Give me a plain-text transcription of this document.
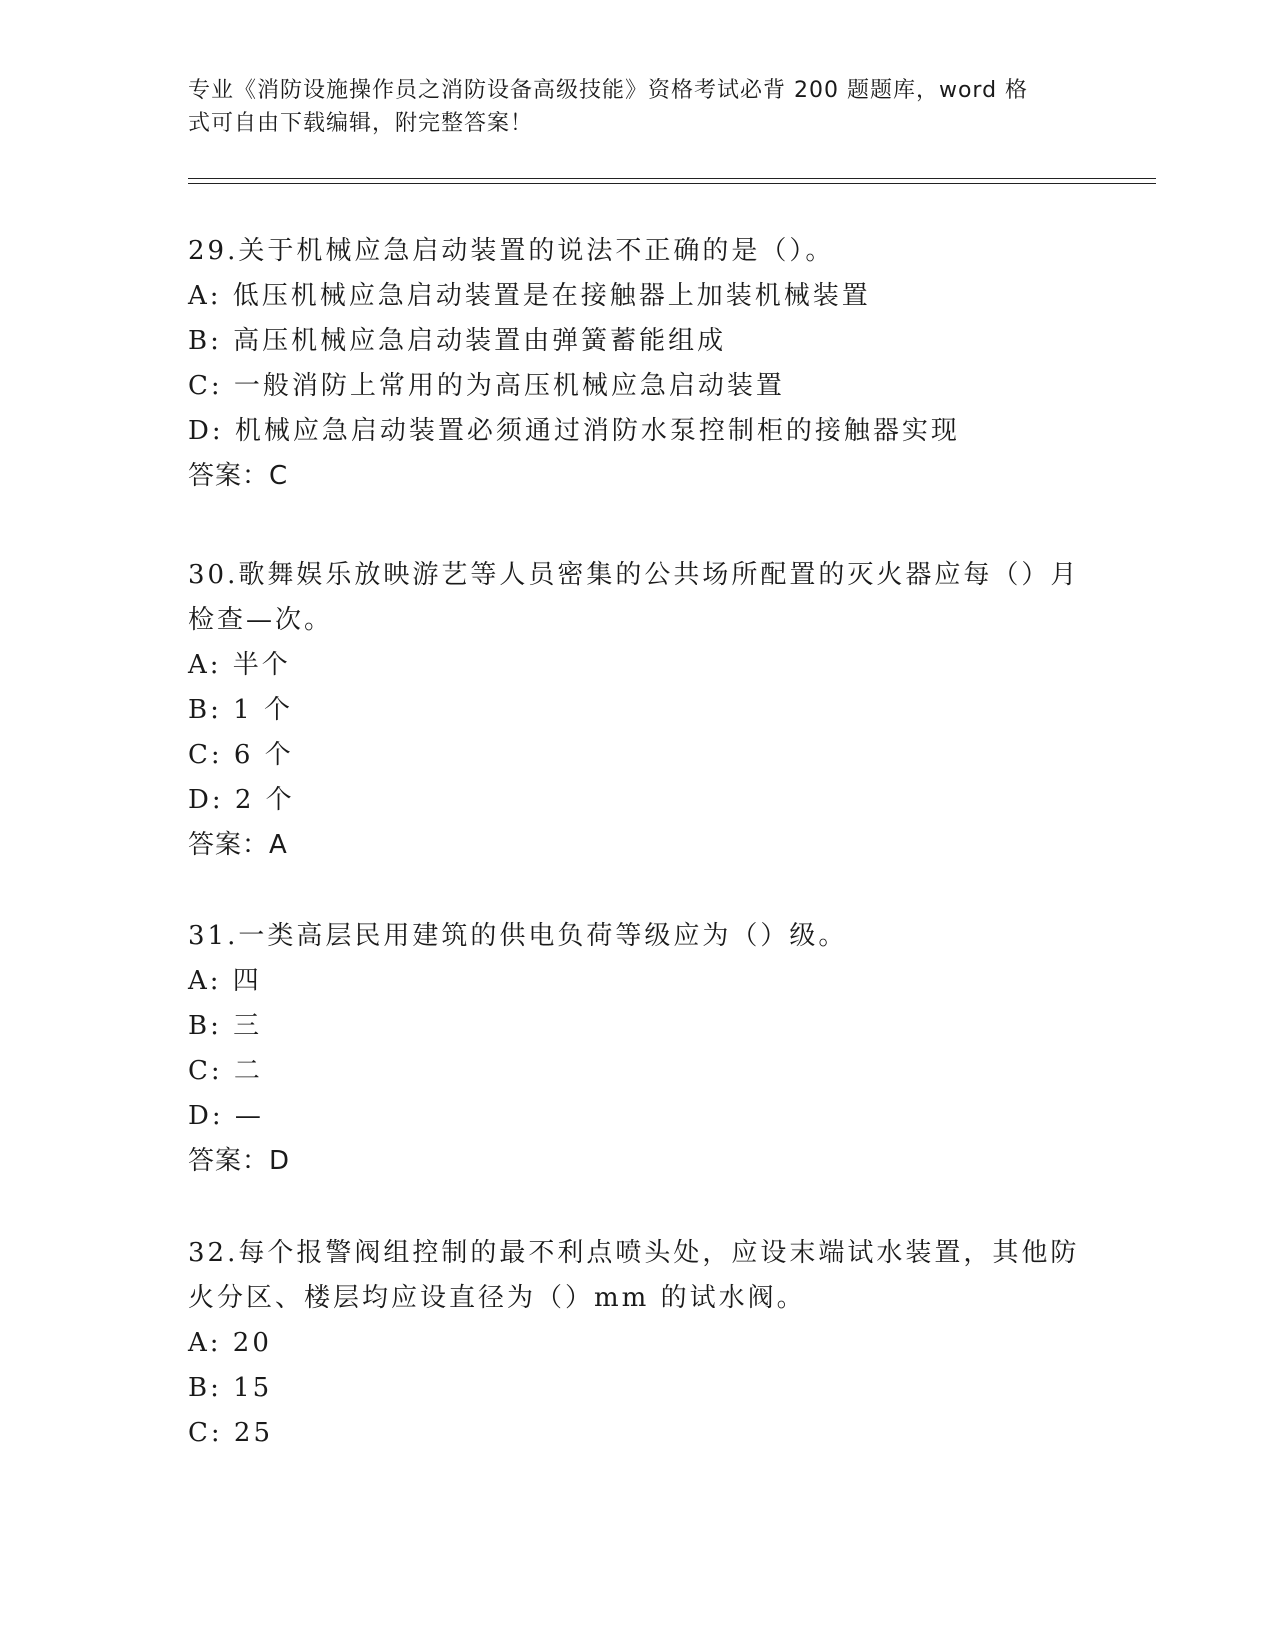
专业《消防设施操作员之消防设备高级技能》资格考试必背 200 题题库，word 格
式可自由下载编辑，附完整答案！
29.关于机械应急启动装置的说法不正确的是（）。
A: 低压机械应急启动装置是在接触器上加装机械装置
B: 高压机械应急启动装置由弹簧蓄能组成
C: 一般消防上常用的为高压机械应急启动装置
D: 机械应急启动装置必须通过消防水泵控制柜的接触器实现
答案：C
30.歌舞娱乐放映游艺等人员密集的公共场所配置的灭火器应每（）月
检查—次。
A: 半个
B: 1 个
C: 6 个
D: 2 个
答案：A
31.一类高层民用建筑的供电负荷等级应为（）级。
A: 四
B: 三
C: 二
D: —
答案：D
32.每个报警阀组控制的最不利点喷头处，应设末端试水装置，其他防
火分区、楼层均应设直径为（）mm 的试水阀。
A: 20
B: 15
C: 25
